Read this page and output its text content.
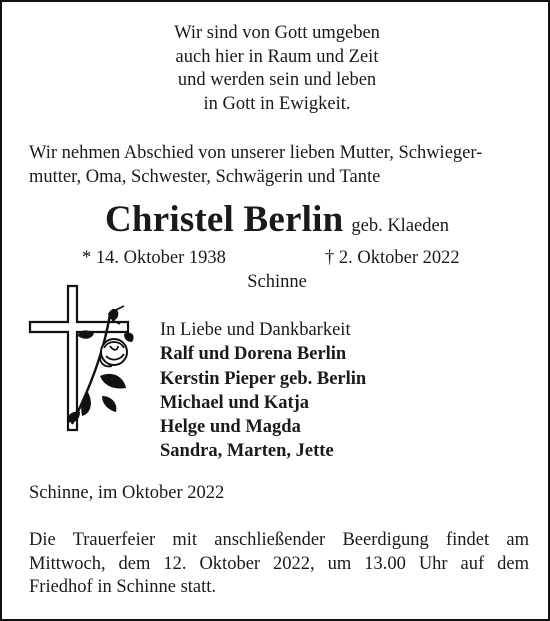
Wir sind von Gott umgeben
auch hier in Raum und Zeit
und werden sein und leben
in Gott in Ewigkeit.
Wir nehmen Abschied von unserer lieben Mutter, Schwieger-
mutter, Oma, Schwester, Schwägerin und Tante
Christel Berlin geb. Klaeden
* 14. Oktober 1938	† 2. Oktober 2022
Schinne
In Liebe und Dankbarkeit
Ralf und Dorena Berlin
Kerstin Pieper geb. Berlin
Michael und Katja
Helge und Magda
Sandra, Marten, Jette
Schinne, im Oktober 2022
Die Trauerfeier mit anschließender Beerdigung findet am
Mittwoch, dem 12. Oktober 2022, um 13.00 Uhr auf dem
Friedhof in Schinne statt.
